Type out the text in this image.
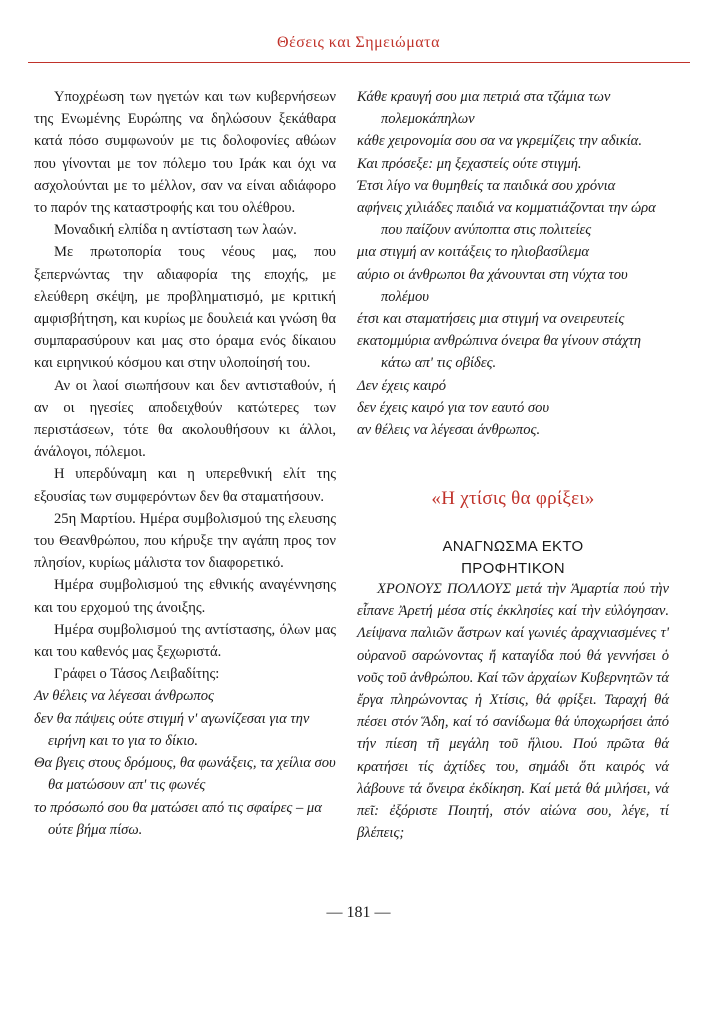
Θέσεις και Σημειώματα

Υποχρέωση των ηγετών και των κυβερνήσεων της Ενωμένης Ευρώπης να δηλώσουν ξεκάθαρα κατά πόσο συμφωνούν με τις δολοφονίες αθώων που γίνονται με τον πόλεμο του Ιράκ και όχι να ασχολούνται με το μέλλον, σαν να είναι αδιάφορο το παρόν της καταστροφής και του ολέθρου.

Μοναδική ελπίδα η αντίσταση των λαών.

Με πρωτοπορία τους νέους μας, που ξεπερνώντας την αδιαφορία της εποχής, με ελεύθερη σκέψη, με προβληματισμό, με κριτική αμφισβήτηση, και κυρίως με δουλειά και γνώση θα συμπαρασύρουν και μας στο όραμα ενός δίκαιου και ειρηνικού κόσμου και στην υλοποίησή του.

Αν οι λαοί σιωπήσουν και δεν αντισταθούν, ή αν οι ηγεσίες αποδειχθούν κατώτερες των περιστάσεων, τότε θα ακολουθήσουν κι άλλοι, άνάλογοι, πόλεμοι.

Η υπερδύναμη και η υπερεθνική ελίτ της εξουσίας των συμφερόντων δεν θα σταματήσουν.

25η Μαρτίου. Ημέρα συμβολισμού της ελευσης του Θεανθρώπου, που κήρυξε την αγάπη προς τον πλησίον, κυρίως μάλιστα τον διαφορετικό.

Ημέρα συμβολισμού της εθνικής αναγέννησης και του ερχομού της άνοιξης.

Ημέρα συμβολισμού της αντίστασης, όλων μας και του καθενός μας ξεχωριστά.

Γράφει ο Τάσος Λειβαδίτης:

Αν θέλεις να λέγεσαι άνθρωπος

δεν θα πάψεις ούτε στιγμή ν' αγωνίζεσαι για την ειρήνη και το για το δίκιο.

Θα βγεις στους δρόμους, θα φωνάξεις, τα χείλια σου θα ματώσουν απ' τις φωνές

το πρόσωπό σου θα ματώσει από τις σφαίρες – μα ούτε βήμα πίσω.

Κάθε κραυγή σου μια πετριά στα τζάμια των πολεμοκάπηλων

κάθε χειρονομία σου σα να γκρεμίζεις την αδικία.

Και πρόσεξε: μη ξεχαστείς ούτε στιγμή.

Έτσι λίγο να θυμηθείς τα παιδικά σου χρόνια

αφήνεις χιλιάδες παιδιά να κομματιάζονται την ώρα που παίζουν ανύποπτα στις πολιτείες

μια στιγμή αν κοιτάξεις το ηλιοβασίλεμα

αύριο οι άνθρωποι θα χάνουνται στη νύχτα του πολέμου

έτσι και σταματήσεις μια στιγμή να ονειρευτείς

εκατομμύρια ανθρώπινα όνειρα θα γίνουν στάχτη κάτω απ' τις οβίδες.

Δεν έχεις καιρό

δεν έχεις καιρό για τον εαυτό σου

αν θέλεις να λέγεσαι άνθρωπος.

«Η χτίσις θα φρίξει»
ΑΝΑΓΝΩΣΜΑ ΕΚΤΟ
ΠΡΟΦΗΤΙΚΟΝ

ΧΡΟΝΟΥΣ ΠΟΛΛΟΥΣ μετά τὴν Ἁμαρτία πού τὴν εἶπανε Ἀρετή μέσα στίς ἐκκλησίες καί τὴν εὐλόγησαν. Λείψανα παλιῶν ἄστρων καί γωνιές ἀραχνιασμένες τ' οὐρανοῦ σαρώνοντας ἤ καταγίδα πού θά γεννήσει ὁ νοῦς τοῦ ἀνθρώπου. Καί τῶν ἀρχαίων Κυβερνητῶν τά ἔργα πληρώνοντας ἡ Χτίσις, θά φρίξει. Ταραχή θά πέσει στόν Ἅδη, καί τό σανίδωμα θά ὑποχωρήσει ἀπό τήν πίεση τῆ μεγάλη τοῦ ἥλιου. Πού πρῶτα θά κρατήσει τίς ἀχτίδες του, σημάδι ὅτι καιρός νά λάβουνε τά ὄνειρα ἐκδίκηση. Καί μετά θά μιλήσει, νά πεῖ: ἐξόριστε Ποιητή, στόν αἰώνα σου, λέγε, τί βλέπεις;

— 181 —
